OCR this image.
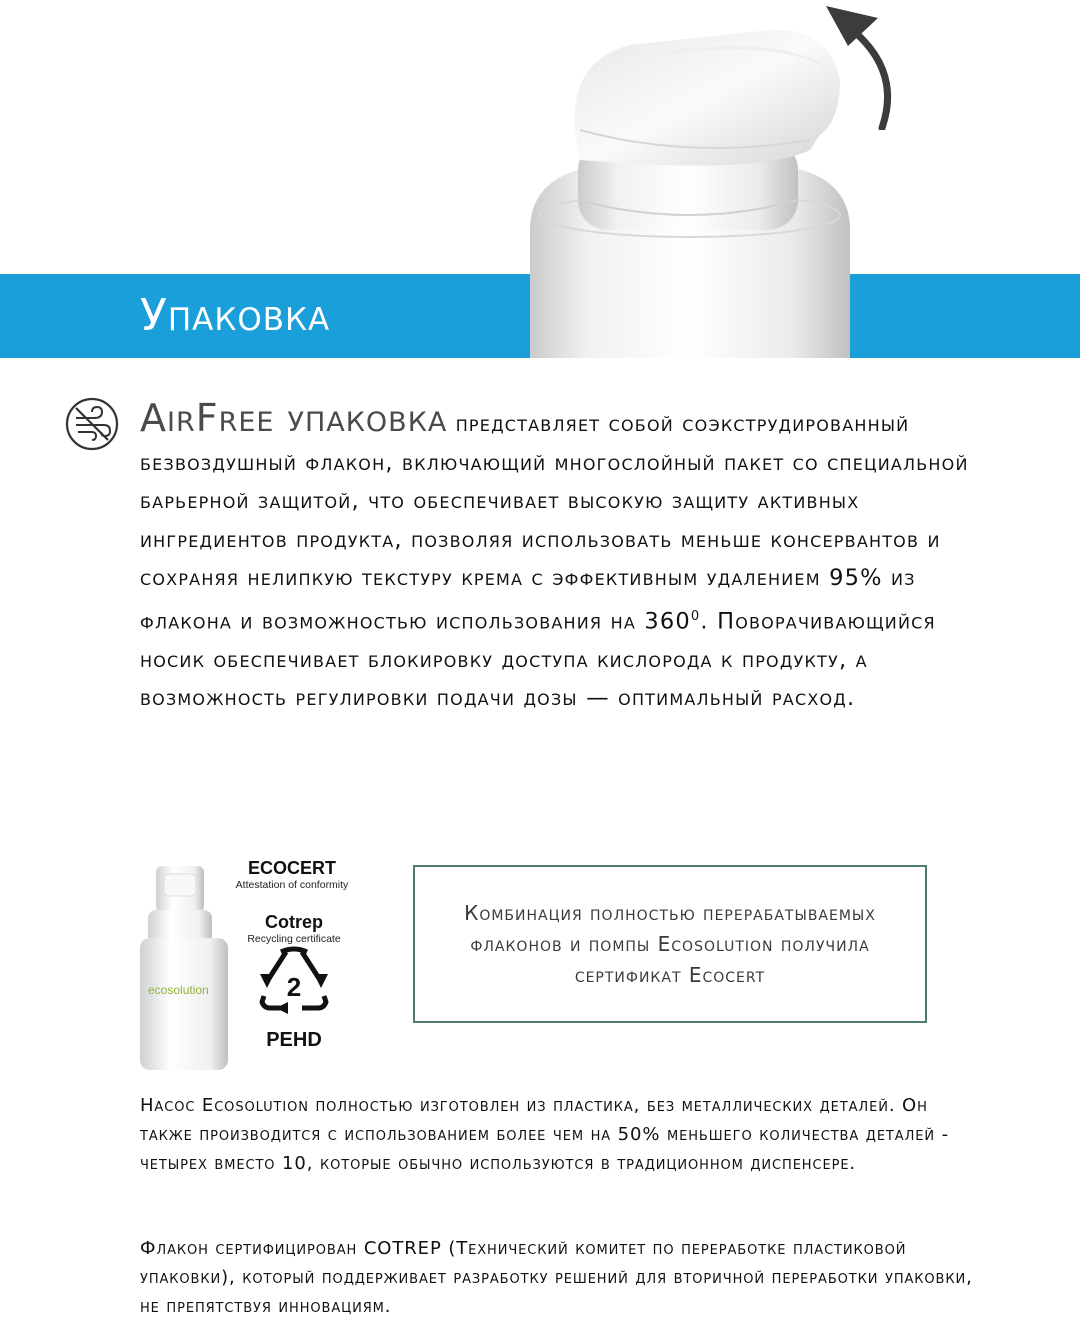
Упаковка
AirFree упаковка представляет собой соэкструдированный безвоздушный флакон, включающий многослойный пакет со специальной барьерной защитой, что обеспечивает высокую защиту активных ингредиентов продукта, позволяя использовать меньше консервантов и сохраняя нелипкую текстуру крема с эффективным удалением 95% из флакона и возможностью использования на $360^0$. Поворачивающийся носик обеспечивает блокировку доступа кислорода к продукту, а возможность регулировки подачи дозы — оптимальный расход.
ecosolution
ECOCERT
Attestation of conformity
Cotrep
Recycling certificate
2
PEHD
Комбинация полностью перерабатываемых флаконов и помпы Ecosolution получила сертификат Ecocert
Насос Ecosolution полностью изготовлен из пластика, без металлических деталей. Он также производится с использованием более чем на 50% меньшего количества деталей - четырех вместо 10, которые обычно используются в традиционном диспенсере.
Флакон сертифицирован COTREP (Технический комитет по переработке пластиковой упаковки), который поддерживает разработку решений для вторичной переработки упаковки, не препятствуя инновациям.
